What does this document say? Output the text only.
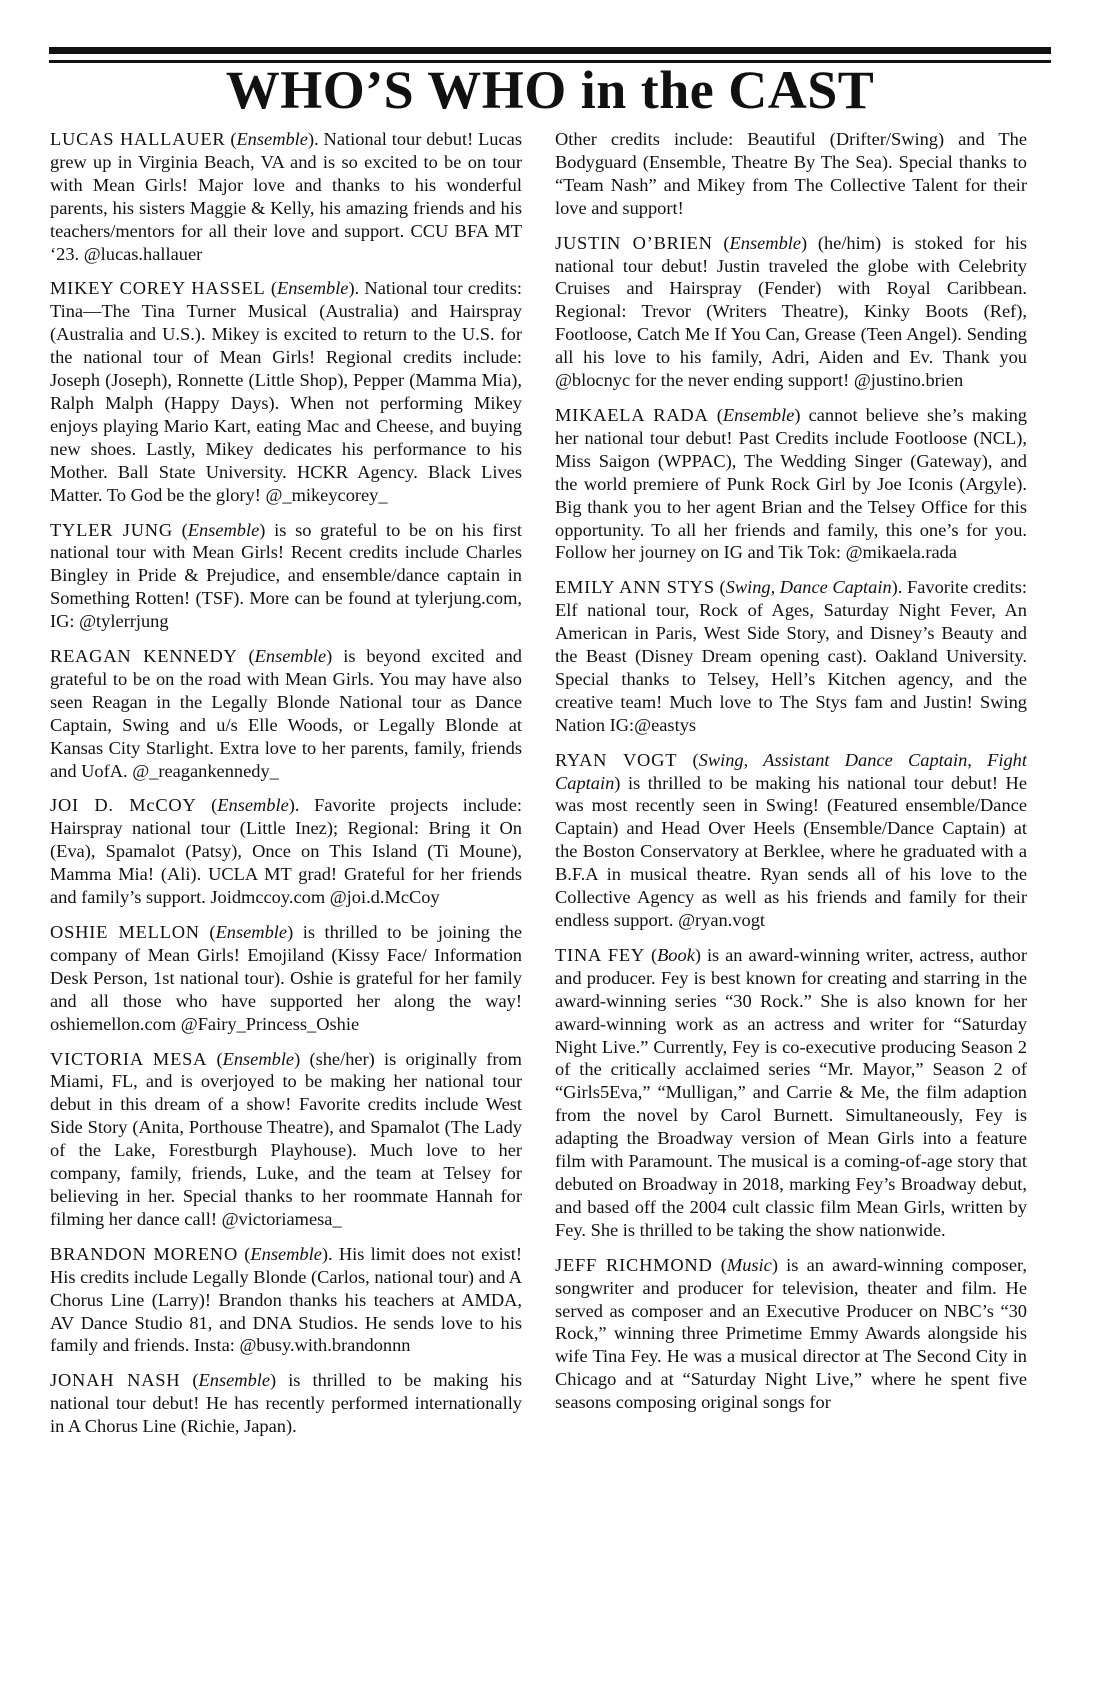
WHO’S WHO in the CAST

LUCAS HALLAUER (Ensemble). National tour debut! Lucas grew up in Virginia Beach, VA and is so excited to be on tour with Mean Girls! Major love and thanks to his wonderful parents, his sisters Maggie & Kelly, his amazing friends and his teachers/mentors for all their love and support. CCU BFA MT ‘23. @lucas.hallauer

MIKEY COREY HASSEL (Ensemble). National tour credits: Tina—The Tina Turner Musical (Australia) and Hairspray (Australia and U.S.). Mikey is excited to return to the U.S. for the national tour of Mean Girls! Regional credits include: Joseph (Joseph), Ronnette (Little Shop), Pepper (Mamma Mia), Ralph Malph (Happy Days). When not performing Mikey enjoys playing Mario Kart, eating Mac and Cheese, and buying new shoes. Lastly, Mikey dedicates his performance to his Mother. Ball State University. HCKR Agency. Black Lives Matter. To God be the glory! @_mikeycorey_

TYLER JUNG (Ensemble) is so grateful to be on his first national tour with Mean Girls! Recent credits include Charles Bingley in Pride & Prejudice, and ensemble/dance captain in Something Rotten! (TSF). More can be found at tylerjung.com, IG: @tylerrjung

REAGAN KENNEDY (Ensemble) is beyond excited and grateful to be on the road with Mean Girls. You may have also seen Reagan in the Legally Blonde National tour as Dance Captain, Swing and u/s Elle Woods, or Legally Blonde at Kansas City Starlight. Extra love to her parents, family, friends and UofA. @_reagankennedy_

JOI D. McCOY (Ensemble). Favorite projects include: Hairspray national tour (Little Inez); Regional: Bring it On (Eva), Spamalot (Patsy), Once on This Island (Ti Moune), Mamma Mia! (Ali). UCLA MT grad! Grateful for her friends and family’s support. Joidmccoy.com @joi.d.McCoy

OSHIE MELLON (Ensemble) is thrilled to be joining the company of Mean Girls! Emojiland (Kissy Face/ Information Desk Person, 1st national tour). Oshie is grateful for her family and all those who have supported her along the way! oshiemellon.com @Fairy_Princess_Oshie

VICTORIA MESA (Ensemble) (she/her) is originally from Miami, FL, and is overjoyed to be making her national tour debut in this dream of a show! Favorite credits include West Side Story (Anita, Porthouse Theatre), and Spamalot (The Lady of the Lake, Forestburgh Playhouse). Much love to her company, family, friends, Luke, and the team at Telsey for believing in her. Special thanks to her roommate Hannah for filming her dance call! @victoriamesa_

BRANDON MORENO (Ensemble). His limit does not exist! His credits include Legally Blonde (Carlos, national tour) and A Chorus Line (Larry)! Brandon thanks his teachers at AMDA, AV Dance Studio 81, and DNA Studios. He sends love to his family and friends. Insta: @busy.with.brandonnn

JONAH NASH (Ensemble) is thrilled to be making his national tour debut! He has recently performed internationally in A Chorus Line (Richie, Japan).

Other credits include: Beautiful (Drifter/Swing) and The Bodyguard (Ensemble, Theatre By The Sea). Special thanks to “Team Nash” and Mikey from The Collective Talent for their love and support!

JUSTIN O’BRIEN (Ensemble) (he/him) is stoked for his national tour debut! Justin traveled the globe with Celebrity Cruises and Hairspray (Fender) with Royal Caribbean. Regional: Trevor (Writers Theatre), Kinky Boots (Ref), Footloose, Catch Me If You Can, Grease (Teen Angel). Sending all his love to his family, Adri, Aiden and Ev. Thank you @blocnyc for the never ending support! @justino.brien

MIKAELA RADA (Ensemble) cannot believe she’s making her national tour debut! Past Credits include Footloose (NCL), Miss Saigon (WPPAC), The Wedding Singer (Gateway), and the world premiere of Punk Rock Girl by Joe Iconis (Argyle). Big thank you to her agent Brian and the Telsey Office for this opportunity. To all her friends and family, this one’s for you. Follow her journey on IG and Tik Tok: @mikaela.rada

EMILY ANN STYS (Swing, Dance Captain). Favorite credits: Elf national tour, Rock of Ages, Saturday Night Fever, An American in Paris, West Side Story, and Disney’s Beauty and the Beast (Disney Dream opening cast). Oakland University. Special thanks to Telsey, Hell’s Kitchen agency, and the creative team! Much love to The Stys fam and Justin! Swing Nation IG:@eastys

RYAN VOGT (Swing, Assistant Dance Captain, Fight Captain) is thrilled to be making his national tour debut! He was most recently seen in Swing! (Featured ensemble/Dance Captain) and Head Over Heels (Ensemble/Dance Captain) at the Boston Conservatory at Berklee, where he graduated with a B.F.A in musical theatre. Ryan sends all of his love to the Collective Agency as well as his friends and family for their endless support. @ryan.vogt

TINA FEY (Book) is an award-winning writer, actress, author and producer. Fey is best known for creating and starring in the award-winning series “30 Rock.” She is also known for her award-winning work as an actress and writer for “Saturday Night Live.” Currently, Fey is co-executive producing Season 2 of the critically acclaimed series “Mr. Mayor,” Season 2 of “Girls5Eva,” “Mulligan,” and Carrie & Me, the film adaption from the novel by Carol Burnett. Simultaneously, Fey is adapting the Broadway version of Mean Girls into a feature film with Paramount. The musical is a coming-of-age story that debuted on Broadway in 2018, marking Fey’s Broadway debut, and based off the 2004 cult classic film Mean Girls, written by Fey. She is thrilled to be taking the show nationwide.

JEFF RICHMOND (Music) is an award-winning composer, songwriter and producer for television, theater and film. He served as composer and an Executive Producer on NBC’s “30 Rock,” winning three Primetime Emmy Awards alongside his wife Tina Fey. He was a musical director at The Second City in Chicago and at “Saturday Night Live,” where he spent five seasons composing original songs for
